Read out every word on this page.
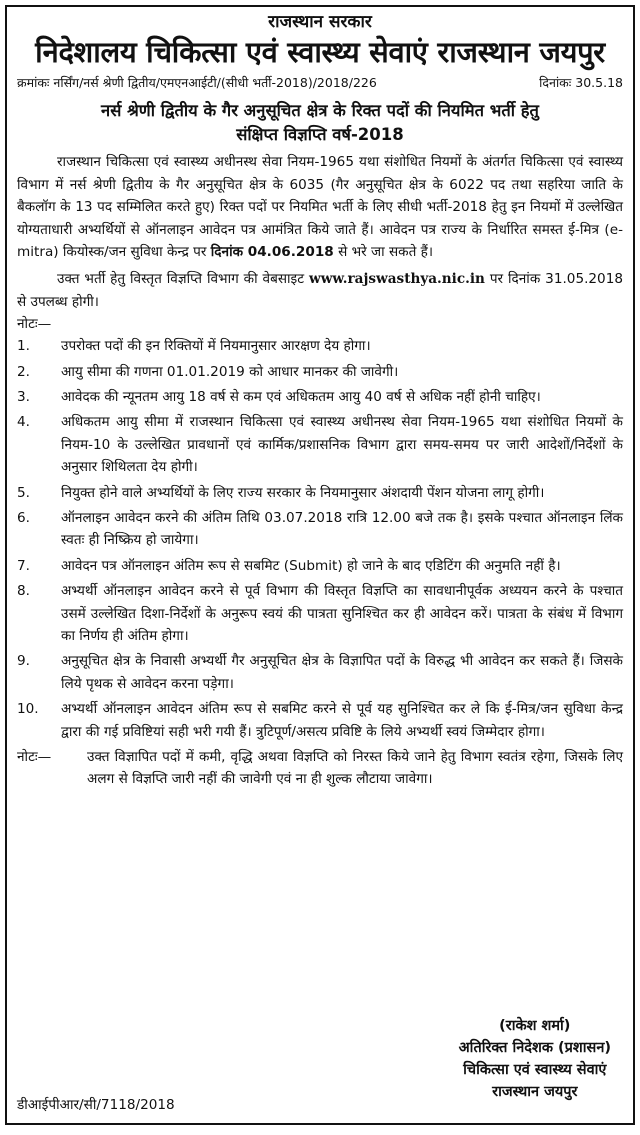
राजस्थान सरकार
निदेशालय चिकित्सा एवं स्वास्थ्य सेवाएं राजस्थान जयपुर
क्रमांकः नर्सिंग/नर्स श्रेणी द्वितीय/एमएनआईटी/(सीधी भर्ती-2018)/2018/226	दिनांकः 30.5.18
नर्स श्रेणी द्वितीय के गैर अनुसूचित क्षेत्र के रिक्त पदों की नियमित भर्ती हेतु
संक्षिप्त विज्ञप्ति वर्ष-2018
राजस्थान चिकित्सा एवं स्वास्थ्य अधीनस्थ सेवा नियम-1965 यथा संशोधित नियमों के अंतर्गत चिकित्सा एवं स्वास्थ्य विभाग में नर्स श्रेणी द्वितीय के गैर अनुसूचित क्षेत्र के 6035 (गैर अनुसूचित क्षेत्र के 6022 पद तथा सहरिया जाति के बैकलॉग के 13 पद सम्मिलित करते हुए) रिक्त पदों पर नियमित भर्ती के लिए सीधी भर्ती-2018 हेतु इन नियमों में उल्लेखित योग्यताधारी अभ्यर्थियों से ऑनलाइन आवेदन पत्र आमंत्रित किये जाते हैं। आवेदन पत्र राज्य के निर्धारित समस्त ई-मित्र (e-mitra) कियोस्क/जन सुविधा केन्द्र पर दिनांक 04.06.2018 से भरे जा सकते हैं।
उक्त भर्ती हेतु विस्तृत विज्ञप्ति विभाग की वेबसाइट www.rajswasthya.nic.in पर दिनांक 31.05.2018 से उपलब्ध होगी।
नोटः—
1.	उपरोक्त पदों की इन रिक्तियों में नियमानुसार आरक्षण देय होगा।
2.	आयु सीमा की गणना 01.01.2019 को आधार मानकर की जावेगी।
3.	आवेदक की न्यूनतम आयु 18 वर्ष से कम एवं अधिकतम आयु 40 वर्ष से अधिक नहीं होनी चाहिए।
4.	अधिकतम आयु सीमा में राजस्थान चिकित्सा एवं स्वास्थ्य अधीनस्थ सेवा नियम-1965 यथा संशोधित नियमों के नियम-10 के उल्लेखित प्रावधानों एवं कार्मिक/प्रशासनिक विभाग द्वारा समय-समय पर जारी आदेशों/निर्देशों के अनुसार शिथिलता देय होगी।
5.	नियुक्त होने वाले अभ्यर्थियों के लिए राज्य सरकार के नियमानुसार अंशदायी पेंशन योजना लागू होगी।
6.	ऑनलाइन आवेदन करने की अंतिम तिथि 03.07.2018 रात्रि 12.00 बजे तक है। इसके पश्चात ऑनलाइन लिंक स्वतः ही निष्क्रिय हो जायेगा।
7.	आवेदन पत्र ऑनलाइन अंतिम रूप से सबमिट (Submit) हो जाने के बाद एडिटिंग की अनुमति नहीं है।
8.	अभ्यर्थी ऑनलाइन आवेदन करने से पूर्व विभाग की विस्तृत विज्ञप्ति का सावधानीपूर्वक अध्ययन करने के पश्चात उसमें उल्लेखित दिशा-निर्देशों के अनुरूप स्वयं की पात्रता सुनिश्चित कर ही आवेदन करें। पात्रता के संबंध में विभाग का निर्णय ही अंतिम होगा।
9.	अनुसूचित क्षेत्र के निवासी अभ्यर्थी गैर अनुसूचित क्षेत्र के विज्ञापित पदों के विरुद्ध भी आवेदन कर सकते हैं। जिसके लिये पृथक से आवेदन करना पड़ेगा।
10.	अभ्यर्थी ऑनलाइन आवेदन अंतिम रूप से सबमिट करने से पूर्व यह सुनिश्चित कर ले कि ई-मित्र/जन सुविधा केन्द्र द्वारा की गई प्रविष्टियां सही भरी गयी हैं। त्रुटिपूर्ण/असत्य प्रविष्टि के लिये अभ्यर्थी स्वयं जिम्मेदार होगा।
नोटः—	उक्त विज्ञापित पदों में कमी, वृद्धि अथवा विज्ञप्ति को निरस्त किये जाने हेतु विभाग स्वतंत्र रहेगा, जिसके लिए अलग से विज्ञप्ति जारी नहीं की जावेगी एवं ना ही शुल्क लौटाया जावेगा।
(राकेश शर्मा)
अतिरिक्त निदेशक (प्रशासन)
चिकित्सा एवं स्वास्थ्य सेवाएं
राजस्थान जयपुर
डीआईपीआर/सी/7118/2018
